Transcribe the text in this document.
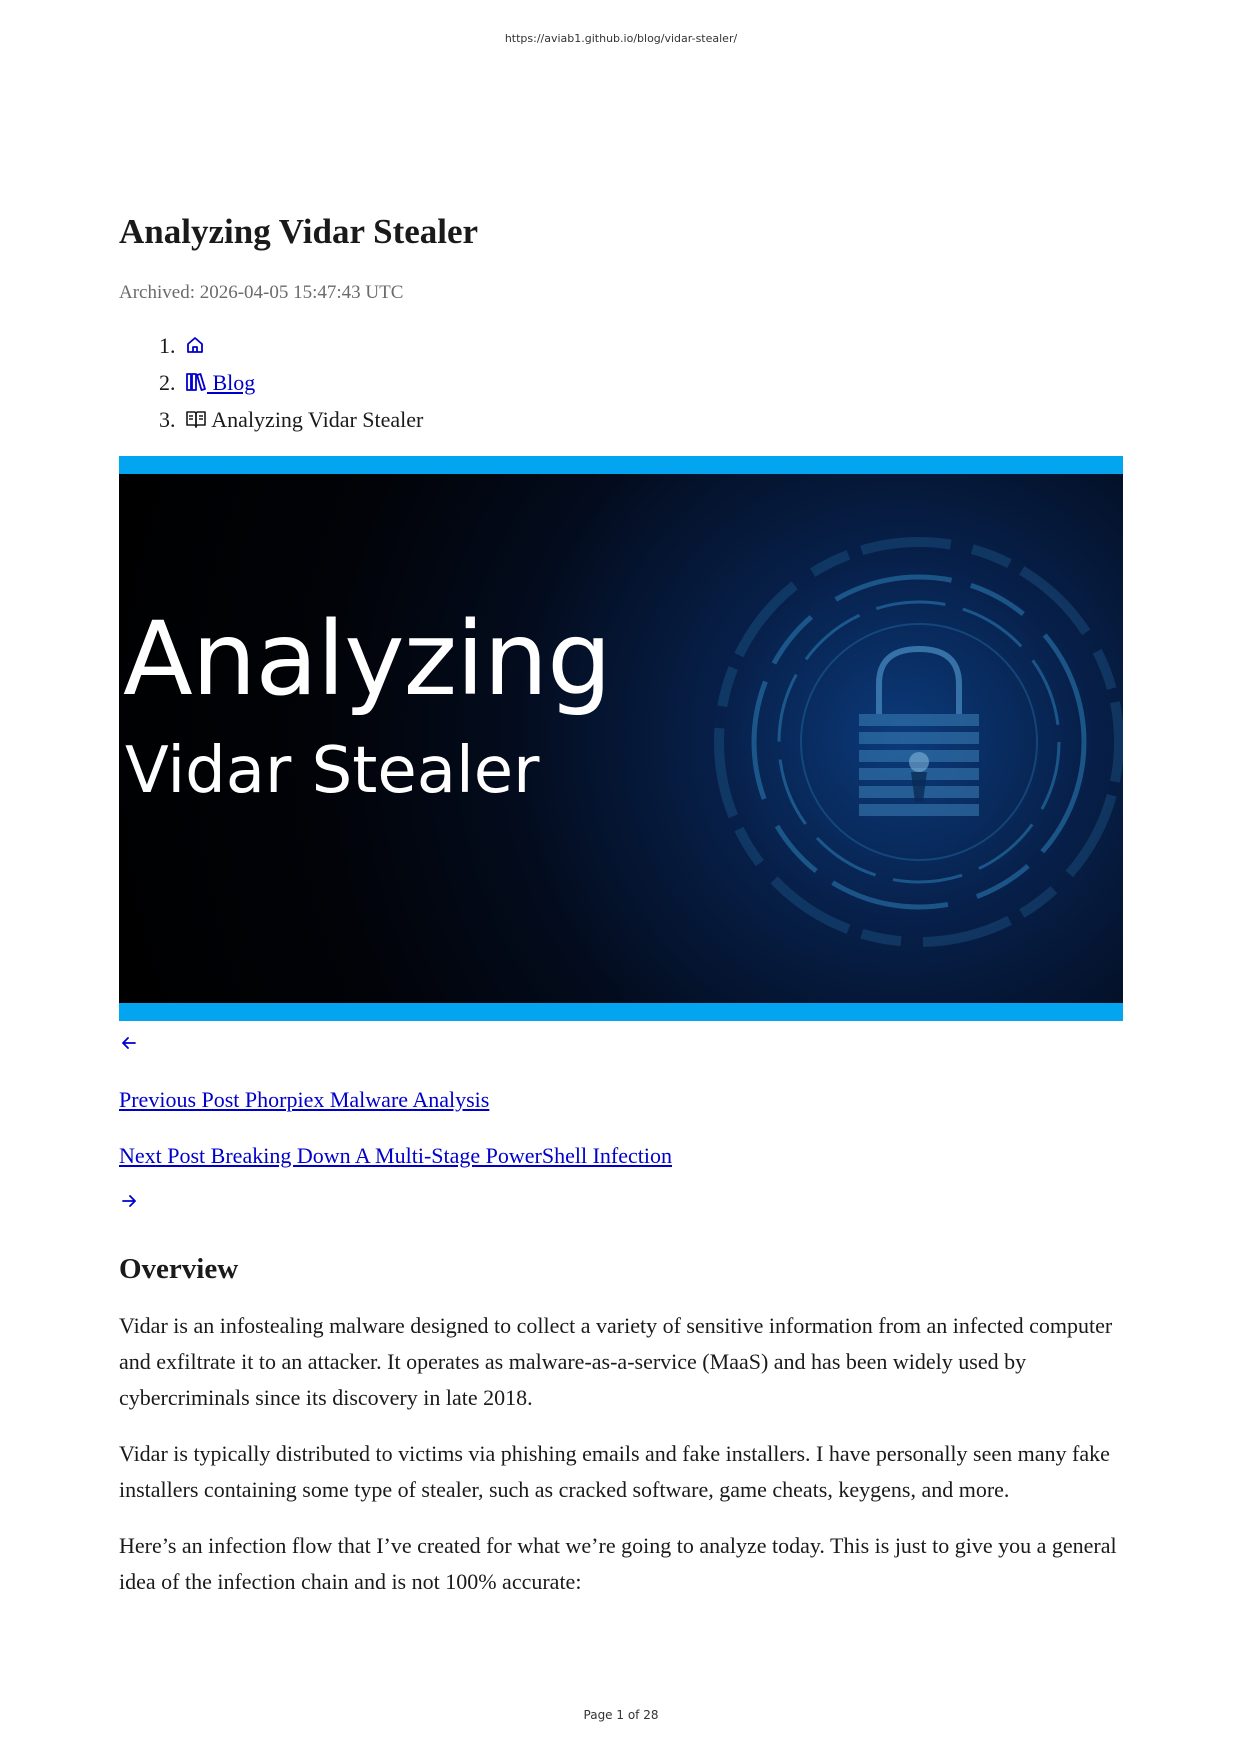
https://aviab1.github.io/blog/vidar-stealer/
Analyzing Vidar Stealer
Archived: 2026-04-05 15:47:43 UTC
1.
2.  Blog
3. Analyzing Vidar Stealer
Analyzing
Vidar Stealer
Previous Post Phorpiex Malware Analysis
Next Post Breaking Down A Multi-Stage PowerShell Infection
Overview

Vidar is an infostealing malware designed to collect a variety of sensitive information from an infected computer and exfiltrate it to an attacker. It operates as malware-as-a-service (MaaS) and has been widely used by cybercriminals since its discovery in late 2018.

Vidar is typically distributed to victims via phishing emails and fake installers. I have personally seen many fake installers containing some type of stealer, such as cracked software, game cheats, keygens, and more.

Here’s an infection flow that I’ve created for what we’re going to analyze today. This is just to give you a general idea of the infection chain and is not 100% accurate:

Page 1 of 28
